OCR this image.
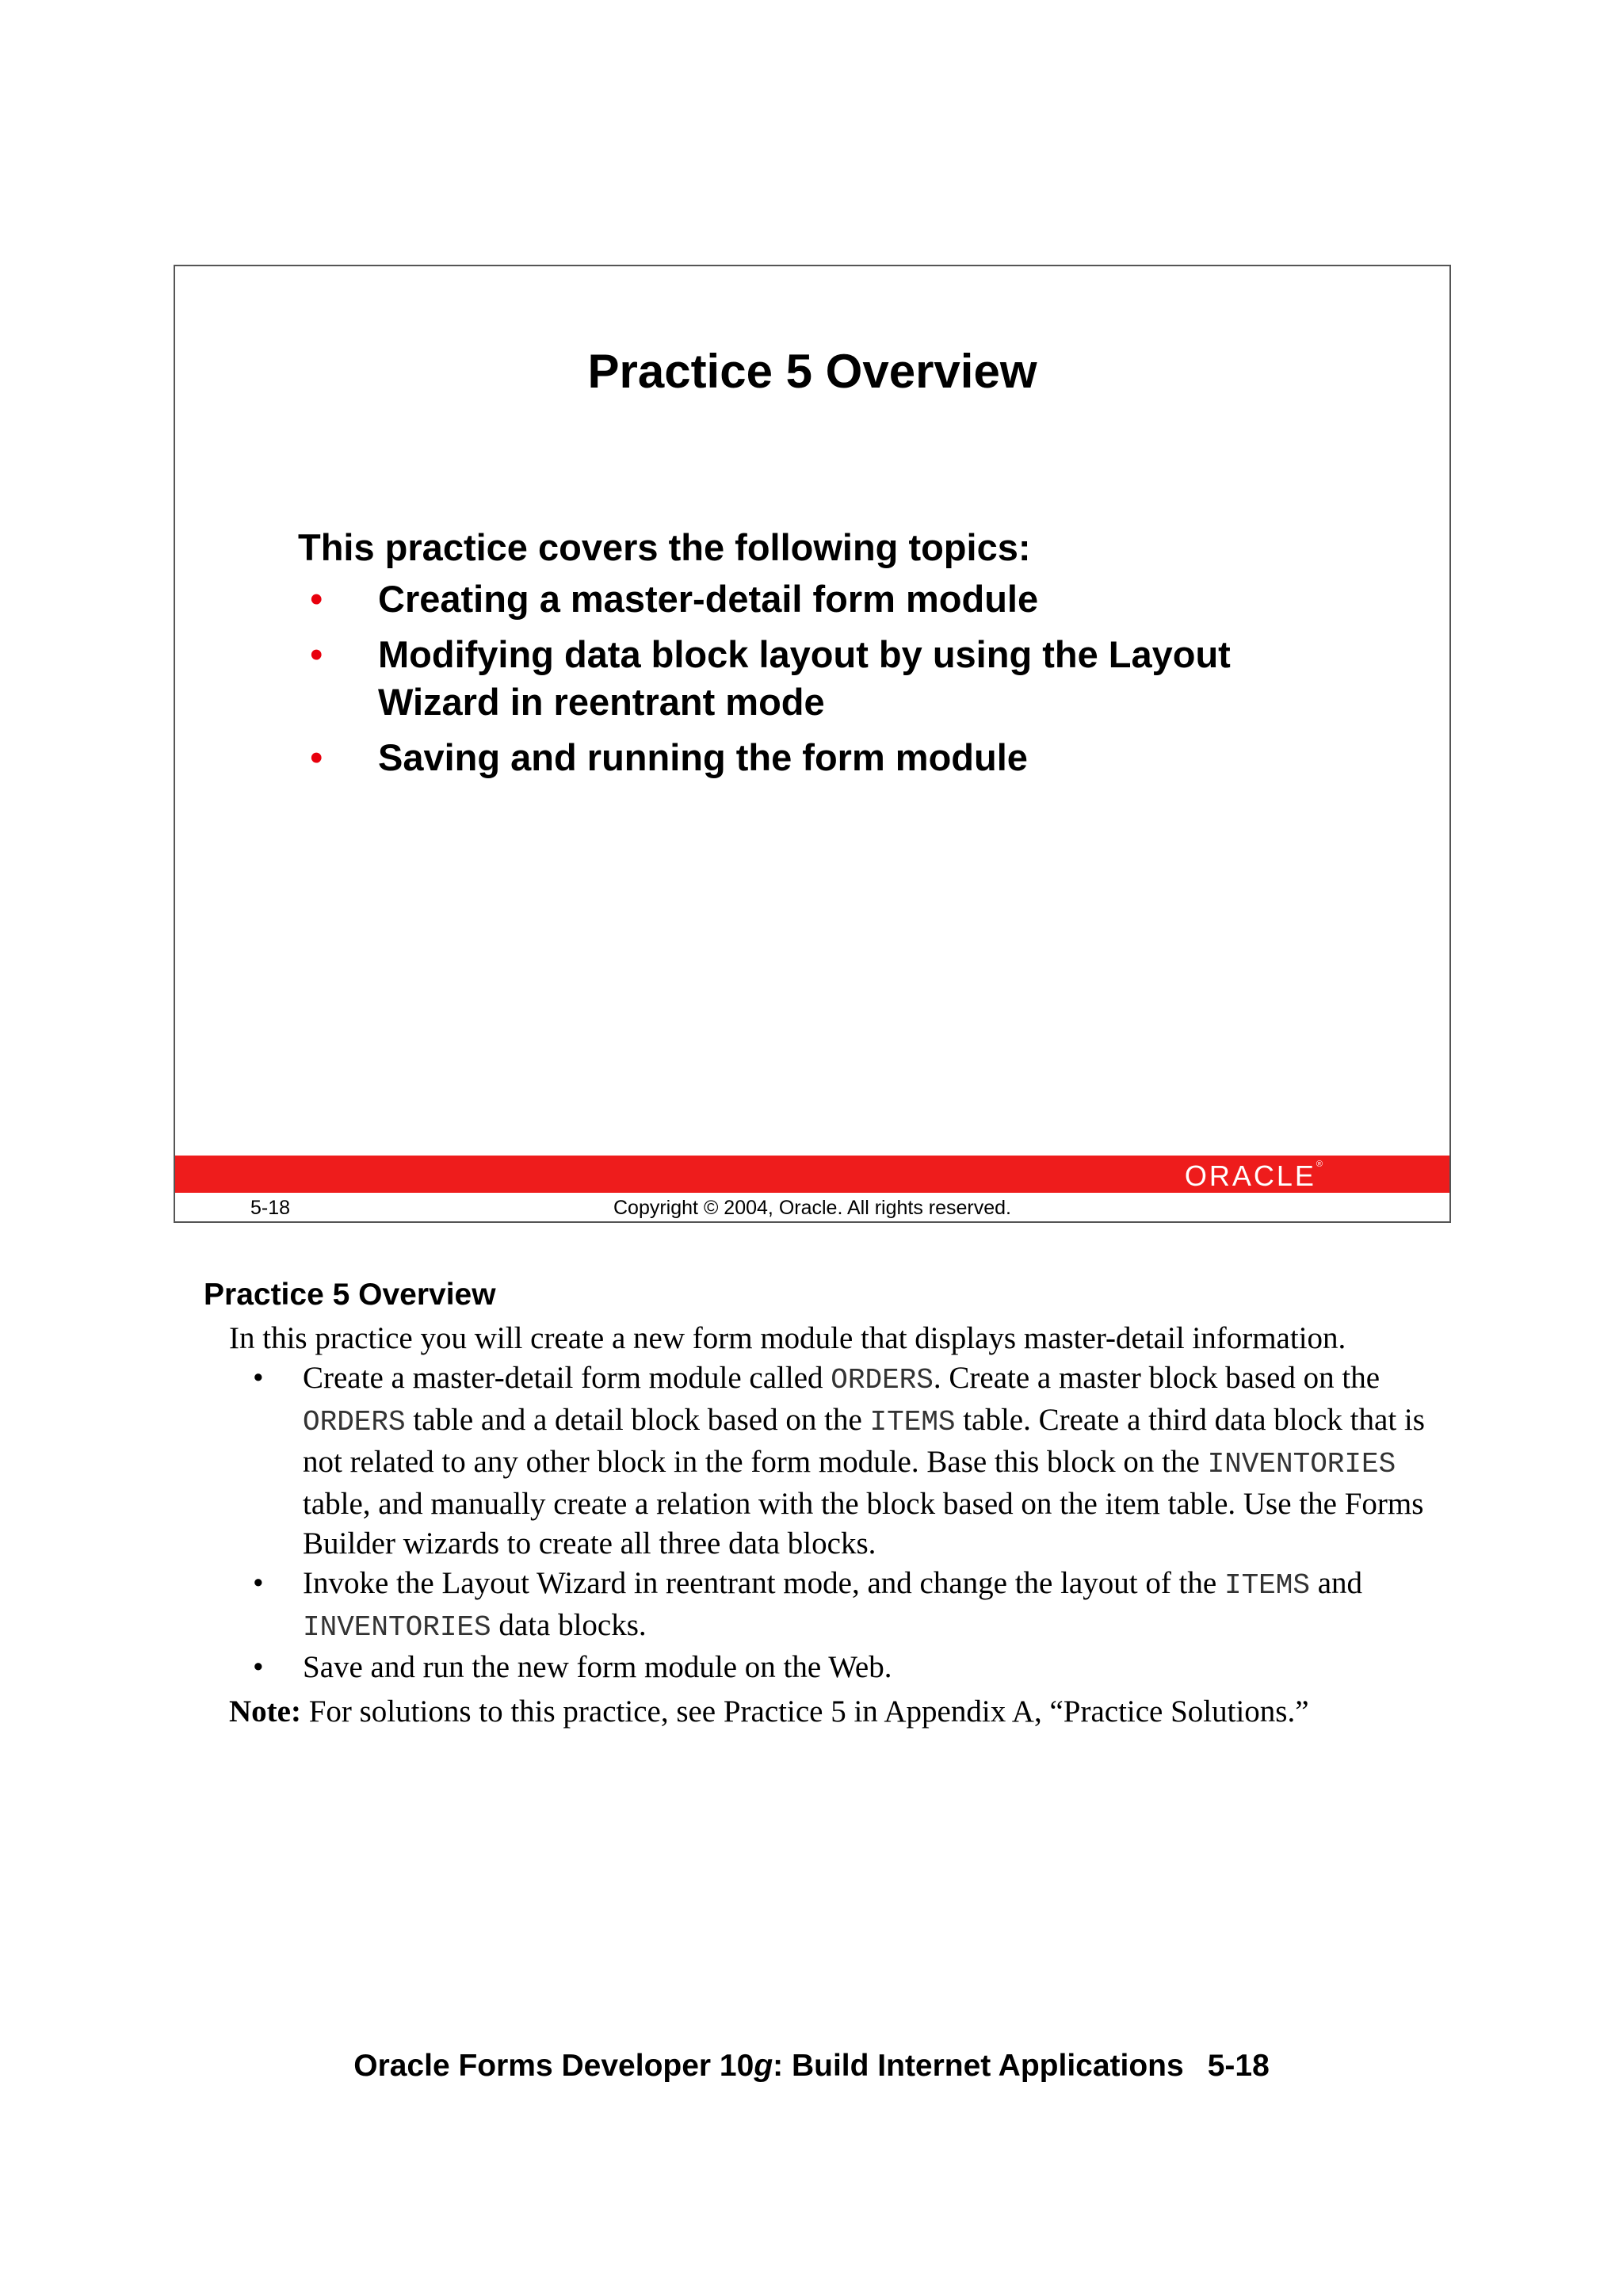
Practice 5 Overview
This practice covers the following topics:
• Creating a master-detail form module
• Modifying data block layout by using the Layout Wizard in reentrant mode
• Saving and running the form module
ORACLE®
5-18	Copyright © 2004, Oracle. All rights reserved.
Practice 5 Overview

In this practice you will create a new form module that displays master-detail information.

• Create a master-detail form module called ORDERS. Create a master block based on the ORDERS table and a detail block based on the ITEMS table. Create a third data block that is not related to any other block in the form module. Base this block on the INVENTORIES table, and manually create a relation with the block based on the item table. Use the Forms Builder wizards to create all three data blocks.
• Invoke the Layout Wizard in reentrant mode, and change the layout of the ITEMS and INVENTORIES data blocks.
• Save and run the new form module on the Web.

Note: For solutions to this practice, see Practice 5 in Appendix A, “Practice Solutions.”

Oracle Forms Developer 10g: Build Internet Applications 5-18
